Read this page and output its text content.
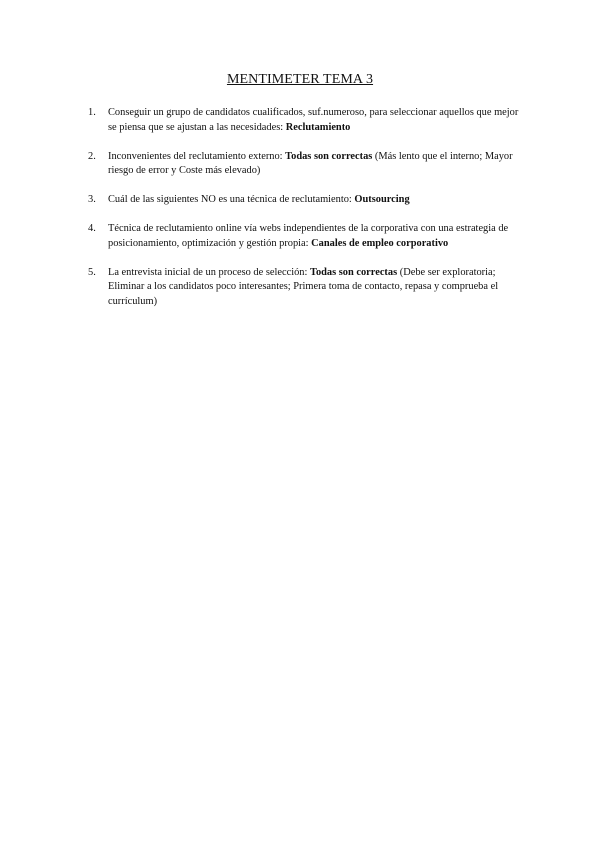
MENTIMETER TEMA 3
1. Conseguir un grupo de candidatos cualificados, suf.numeroso, para seleccionar aquellos que mejor se piensa que se ajustan a las necesidades: Reclutamiento
2. Inconvenientes del reclutamiento externo: Todas son correctas (Más lento que el interno; Mayor riesgo de error y Coste más elevado)
3. Cuál de las siguientes NO es una técnica de reclutamiento: Outsourcing
4. Técnica de reclutamiento online vía webs independientes de la corporativa con una estrategia de posicionamiento, optimización y gestión propia: Canales de empleo corporativo
5. La entrevista inicial de un proceso de selección: Todas son correctas (Debe ser exploratoria; Eliminar a los candidatos poco interesantes; Primera toma de contacto, repasa y comprueba el currículum)
